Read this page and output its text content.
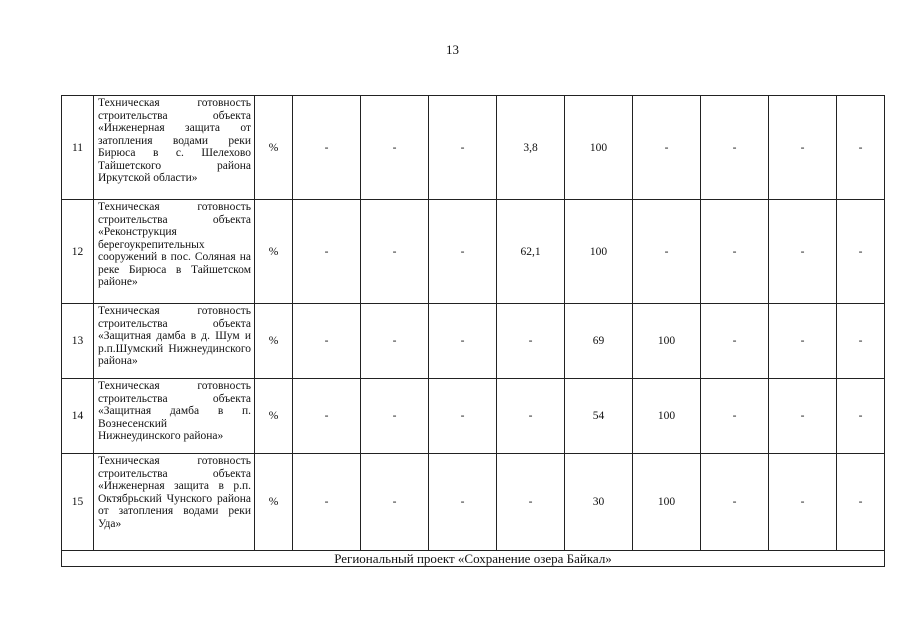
13
11	Техническая готовность строительства объекта «Инженерная защита от затопления водами реки Бирюса в с. Шелехово Тайшетского района Иркутской области»	%	-	-	-	3,8	100	-	-	-	-
12	Техническая готовность строительства объекта «Реконструкция берегоукрепительных сооружений в пос. Соляная на реке Бирюса в Тайшетском районе»	%	-	-	-	62,1	100	-	-	-	-
13	Техническая готовность строительства объекта «Защитная дамба в д. Шум и р.п.Шумский Нижнеудинского района»	%	-	-	-	-	69	100	-	-	-
14	Техническая готовность строительства объекта «Защитная дамба в п. Вознесенский Нижнеудинского района»	%	-	-	-	-	54	100	-	-	-
15	Техническая готовность строительства объекта «Инженерная защита в р.п. Октябрьский Чунского района от затопления водами реки Уда»	%	-	-	-	-	30	100	-	-	-
Региональный проект «Сохранение озера Байкал»											
